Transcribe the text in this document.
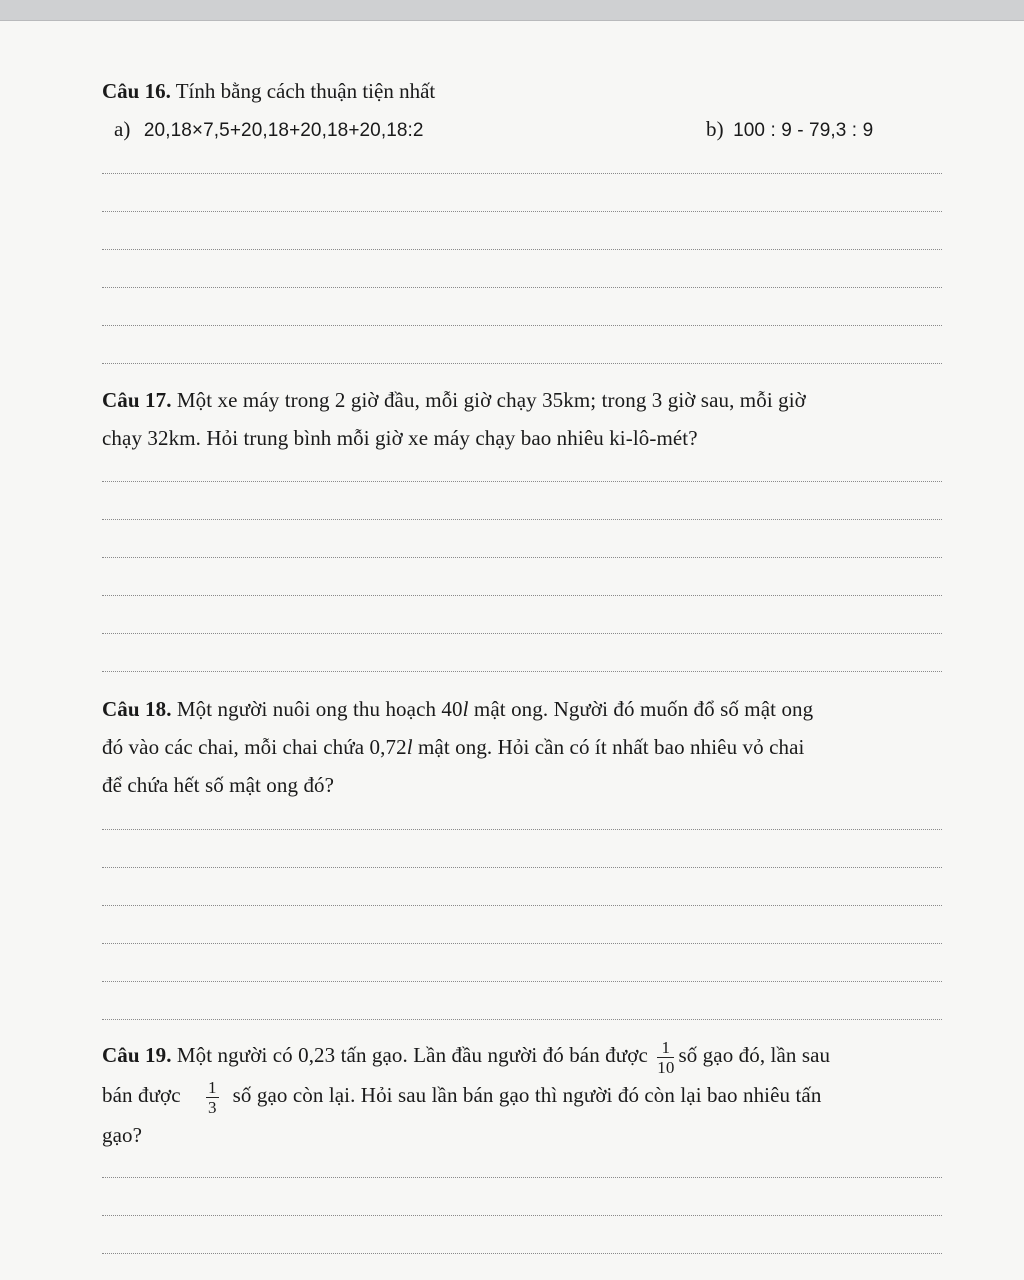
Câu 16. Tính bằng cách thuận tiện nhất
a) 20,18×7,5+20,18+20,18+20,18:2	b) 100 : 9 - 79,3 : 9
Câu 17. Một xe máy trong 2 giờ đầu, mỗi giờ chạy 35km; trong 3 giờ sau, mỗi giờ
chạy 32km. Hỏi trung bình mỗi giờ xe máy chạy bao nhiêu ki-lô-mét?
Câu 18. Một người nuôi ong thu hoạch 40l mật ong. Người đó muốn đổ số mật ong
đó vào các chai, mỗi chai chứa 0,72l mật ong. Hỏi cần có ít nhất bao nhiêu vỏ chai
để chứa hết số mật ong đó?
Câu 19. Một người có 0,23 tấn gạo. Lần đầu người đó bán được $\frac{1}{10}$ số gạo đó, lần sau
bán được $\frac{1}{3}$ số gạo còn lại. Hỏi sau lần bán gạo thì người đó còn lại bao nhiêu tấn
gạo?
